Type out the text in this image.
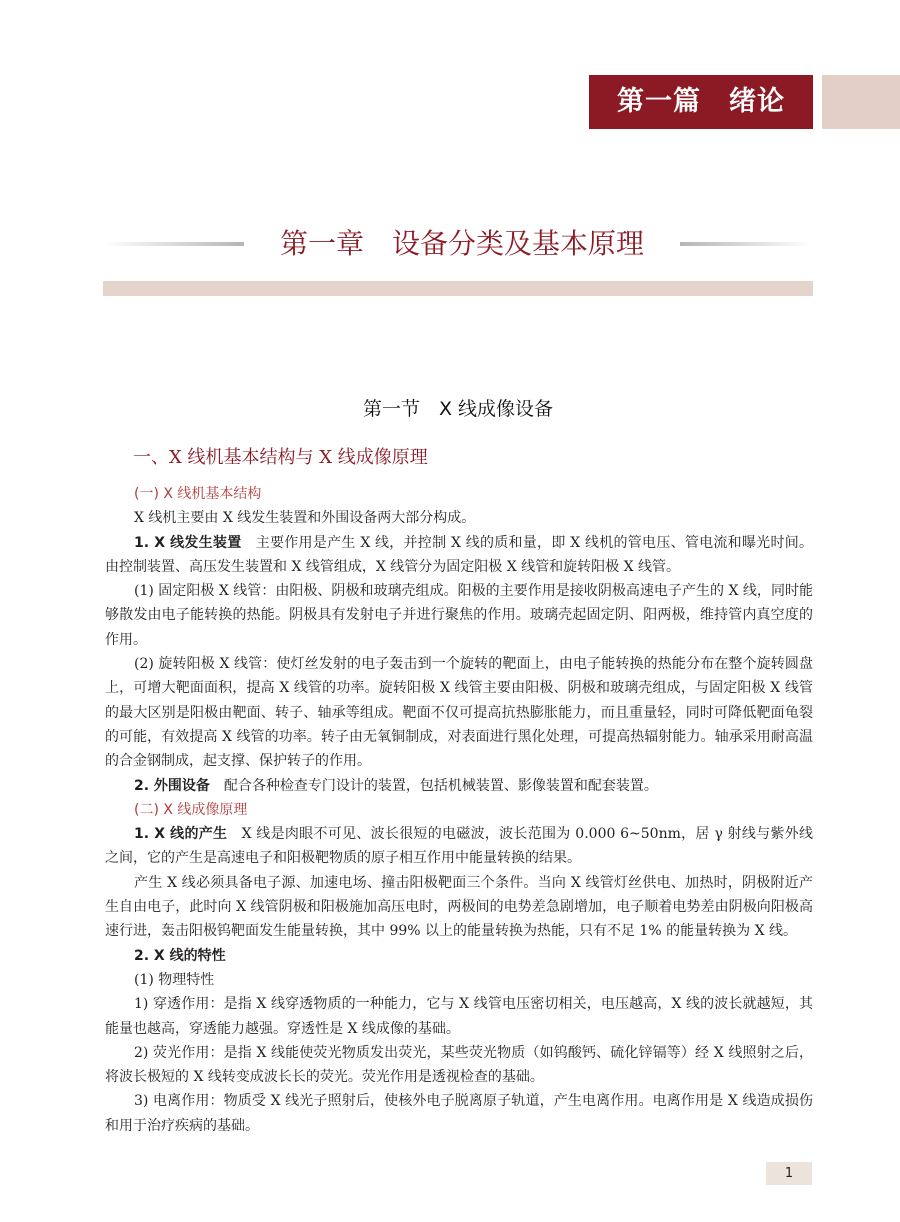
第一篇　绪论
第一章　设备分类及基本原理
第一节　X 线成像设备
一、X 线机基本结构与 X 线成像原理

(一) X 线机基本结构

X 线机主要由 X 线发生装置和外围设备两大部分构成。

1. X 线发生装置　主要作用是产生 X 线，并控制 X 线的质和量，即 X 线机的管电压、管电流和曝光时间。由控制装置、高压发生装置和 X 线管组成，X 线管分为固定阳极 X 线管和旋转阳极 X 线管。

(1) 固定阳极 X 线管：由阳极、阴极和玻璃壳组成。阳极的主要作用是接收阴极高速电子产生的 X 线，同时能够散发由电子能转换的热能。阴极具有发射电子并进行聚焦的作用。玻璃壳起固定阴、阳两极，维持管内真空度的作用。

(2) 旋转阳极 X 线管：使灯丝发射的电子轰击到一个旋转的靶面上，由电子能转换的热能分布在整个旋转圆盘上，可增大靶面面积，提高 X 线管的功率。旋转阳极 X 线管主要由阳极、阴极和玻璃壳组成，与固定阳极 X 线管的最大区别是阳极由靶面、转子、轴承等组成。靶面不仅可提高抗热膨胀能力，而且重量轻，同时可降低靶面龟裂的可能，有效提高 X 线管的功率。转子由无氧铜制成，对表面进行黑化处理，可提高热辐射能力。轴承采用耐高温的合金钢制成，起支撑、保护转子的作用。

2. 外围设备　配合各种检查专门设计的装置，包括机械装置、影像装置和配套装置。

(二) X 线成像原理

1. X 线的产生　X 线是肉眼不可见、波长很短的电磁波，波长范围为 0.000 6~50nm，居 γ 射线与紫外线之间，它的产生是高速电子和阳极靶物质的原子相互作用中能量转换的结果。

产生 X 线必须具备电子源、加速电场、撞击阳极靶面三个条件。当向 X 线管灯丝供电、加热时，阴极附近产生自由电子，此时向 X 线管阴极和阳极施加高压电时，两极间的电势差急剧增加，电子顺着电势差由阴极向阳极高速行进，轰击阳极钨靶面发生能量转换，其中 99% 以上的能量转换为热能，只有不足 1% 的能量转换为 X 线。

2. X 线的特性

(1) 物理特性

1) 穿透作用：是指 X 线穿透物质的一种能力，它与 X 线管电压密切相关，电压越高，X 线的波长就越短，其能量也越高，穿透能力越强。穿透性是 X 线成像的基础。

2) 荧光作用：是指 X 线能使荧光物质发出荧光，某些荧光物质（如钨酸钙、硫化锌镉等）经 X 线照射之后，将波长极短的 X 线转变成波长长的荧光。荧光作用是透视检查的基础。

3) 电离作用：物质受 X 线光子照射后，使核外电子脱离原子轨道，产生电离作用。电离作用是 X 线造成损伤和用于治疗疾病的基础。

1
